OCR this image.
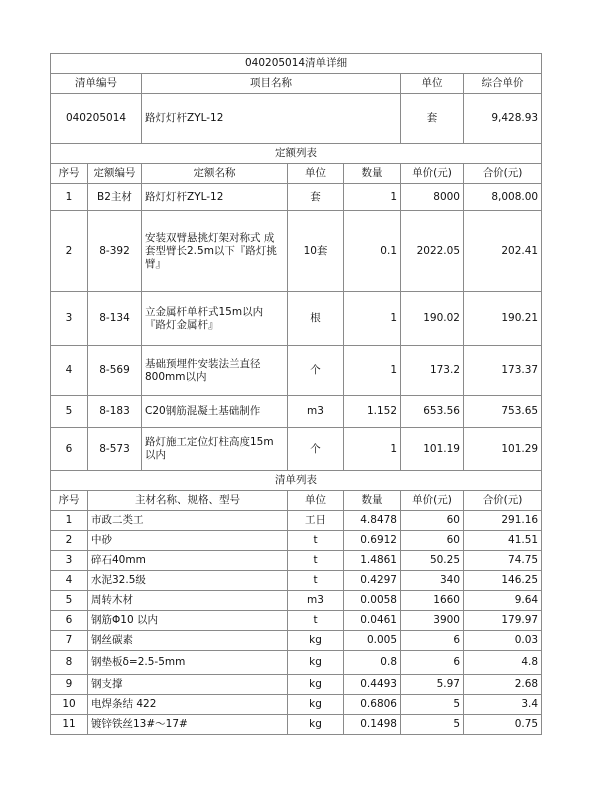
040205014清单详细						
清单编号		项目名称			单位	综合单价
040205014		路灯灯杆ZYL-12			套	9,428.93
定额列表						
序号	定额编号	定额名称	单位	数量	单价(元)	合价(元)
1	B2主材	路灯灯杆ZYL-12	套	1	8000	8,008.00
2	8-392	安装双臂悬挑灯架对称式 成套型臂长2.5m以下『路灯挑臂』	10套	0.1	2022.05	202.41
3	8-134	立金属杆单杆式15m以内『路灯金属杆』	根	1	190.02	190.21
4	8-569	基础预埋件安装法兰直径800mm以内	个	1	173.2	173.37
5	8-183	C20钢筋混凝土基础制作	m3	1.152	653.56	753.65
6	8-573	路灯施工定位灯柱高度15m以内	个	1	101.19	101.29
清单列表						
序号	主材名称、规格、型号		单位	数量	单价(元)	合价(元)
1	市政二类工		工日	4.8478	60	291.16
2	中砂		t	0.6912	60	41.51
3	碎石40mm		t	1.4861	50.25	74.75
4	水泥32.5级		t	0.4297	340	146.25
5	周转木材		m3	0.0058	1660	9.64
6	钢筋Φ10 以内		t	0.0461	3900	179.97
7	钢丝碳素		kg	0.005	6	0.03
8	钢垫板δ=2.5-5mm		kg	0.8	6	4.8
9	钢支撑		kg	0.4493	5.97	2.68
10	电焊条结 422		kg	0.6806	5	3.4
11	镀锌铁丝13#～17#		kg	0.1498	5	0.75
